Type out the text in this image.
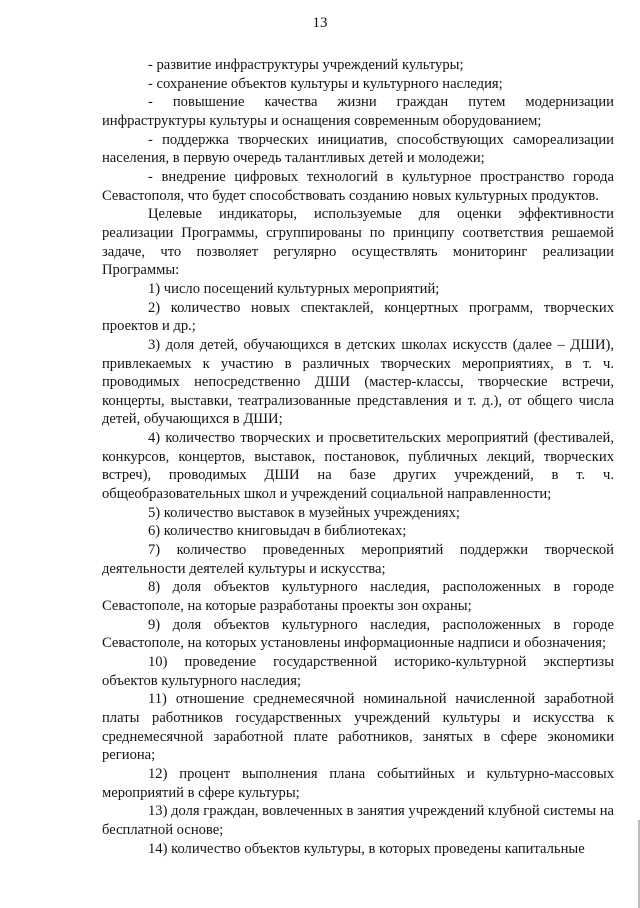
13

- развитие инфраструктуры учреждений культуры;

- сохранение объектов культуры и культурного наследия;

- повышение качества жизни граждан путем модернизации инфраструктуры культуры и оснащения современным оборудованием;

- поддержка творческих инициатив, способствующих самореализации населения, в первую очередь талантливых детей и молодежи;

- внедрение цифровых технологий в культурное пространство города Севастополя, что будет способствовать созданию новых культурных продуктов.

Целевые индикаторы, используемые для оценки эффективности реализации Программы, сгруппированы по принципу соответствия решаемой задаче, что позволяет регулярно осуществлять мониторинг реализации Программы:

1) число посещений культурных мероприятий;

2) количество новых спектаклей, концертных программ, творческих проектов и др.;

3) доля детей, обучающихся в детских школах искусств (далее – ДШИ), привлекаемых к участию в различных творческих мероприятиях, в т. ч. проводимых непосредственно ДШИ (мастер-классы, творческие встречи, концерты, выставки, театрализованные представления и т. д.), от общего числа детей, обучающихся в ДШИ;

4) количество творческих и просветительских мероприятий (фестивалей, конкурсов, концертов, выставок, постановок, публичных лекций, творческих встреч), проводимых ДШИ на базе других учреждений, в т. ч. общеобразовательных школ и учреждений социальной направленности;

5) количество выставок в музейных учреждениях;

6) количество книговыдач в библиотеках;

7) количество проведенных мероприятий поддержки творческой деятельности деятелей культуры и искусства;

8) доля объектов культурного наследия, расположенных в городе Севастополе, на которые разработаны проекты зон охраны;

9) доля объектов культурного наследия, расположенных в городе Севастополе, на которых установлены информационные надписи и обозначения;

10) проведение государственной историко-культурной экспертизы объектов культурного наследия;

11) отношение среднемесячной номинальной начисленной заработной платы работников государственных учреждений культуры и искусства к среднемесячной заработной плате работников, занятых в сфере экономики региона;

12) процент выполнения плана событийных и культурно-массовых мероприятий в сфере культуры;

13) доля граждан, вовлеченных в занятия учреждений клубной системы на бесплатной основе;

14) количество объектов культуры, в которых проведены капитальные
